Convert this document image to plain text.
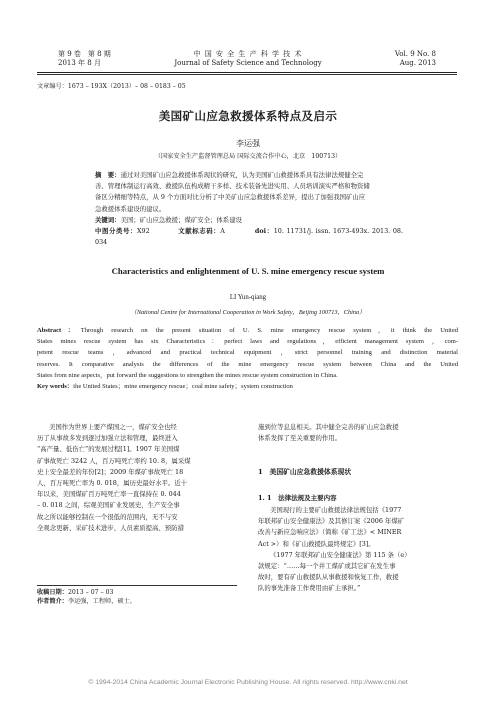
第 9 卷　第 8 期
2013 年 8 月
中 国 安 全 生 产 科 学 技 术
Journal of Safety Science and Technology
Vol. 9 No. 8
Aug. 2013
文章编号：1673 – 193X（2013）– 08 – 0183 – 05
美国矿山应急救援体系特点及启示
李运强
（国家安全生产监督管理总局 国际交流合作中心，北京　100713）
摘　要：通过对美国矿山应急救援体系现状的研究，认为美国矿山救援体系具有法律法规健全完
善、管理体制运行高效、救援队伍构成精干多样、技术装备先进实用、人员培训演实严格和物资储
备区分精细等特点，从 9 个方面对比分析了中美矿山应急救援体系差异，提出了加强我国矿山应
急救援体系建设的建议。
关键词：美国；矿山应急救援；煤矿安全；体系建设
中图分类号：X92	文献标志码：A	doi：10. 11731/j. issn. 1673-493x. 2013. 08. 034
Characteristics and enlightenment of U. S. mine emergency rescue system
LI Yun-qiang
（National Centre for International Cooperation in Work Safety，Beijing 100713，China）
Abstract：Through research on the present situation of U. S. mine emergency rescue system，it think the United
States mines rescue system has six Characteristics：perfect laws and regulations，efficient management system ，com-
petent rescue teams ，advanced and practical technical equipment ，strict personnel training and distinction material
reserves. It comparative analysis the differences of the mine emergency rescue system between China and the United
States from nine aspects，put forward the suggestions to strengthen the mines rescue system construction in China.
Key words：the United States；mine emergency rescue；coal mine safety；system construction
美国作为世界上要产煤国之一，煤矿安全也经
历了从事故多发到逐过加强立法和管理，最终进入
“高产量、低伤亡”的发展过程[1]。1907 年美国煤
矿事故死亡 3242 人，百万吨死亡率约 10. 8，属采煤
史上安全最差的年份[2]；2009 年煤矿事故死亡 18
人，百万吨死亡率为 0. 018，属历史最好水平。近十
年以来，美国煤矿百万吨死亡率一直保持在 0. 044
– 0. 018 之间，综观美国矿业发展史，生产安全事
故之所以能够控制在一个很低的范围内，无不与安
全观念更新、采矿技术进步、人员素质提高、预防措
收稿日期：2013 – 07 – 03
作者简介：李运强，工程师，硕士。
施到位等息息相关。其中健全完善的矿山应急救援
体系发挥了至关重要的作用。
1　美国矿山应急救援体系现状
1. 1　法律法规及主要内容
美国现行的主要矿山救援法律法规包括《1977
年联邦矿山安全健康法》及其修订案《2006 年煤矿
改善与新应急响应法》（简称《矿工法》< MINER
Act >）和《矿山救援队最终规定》[3]。
《1977 年联邦矿山安全健康法》第 115 条（e）
款规定：“……每一个井工煤矿或其它矿在发生事
故时，要有矿山救援队从事救援和恢复工作，救援
队的事先准备工作费用由矿主承担。”
© 1994-2014 China Academic Journal Electronic Publishing House. All rights reserved. http://www.cnki.net
